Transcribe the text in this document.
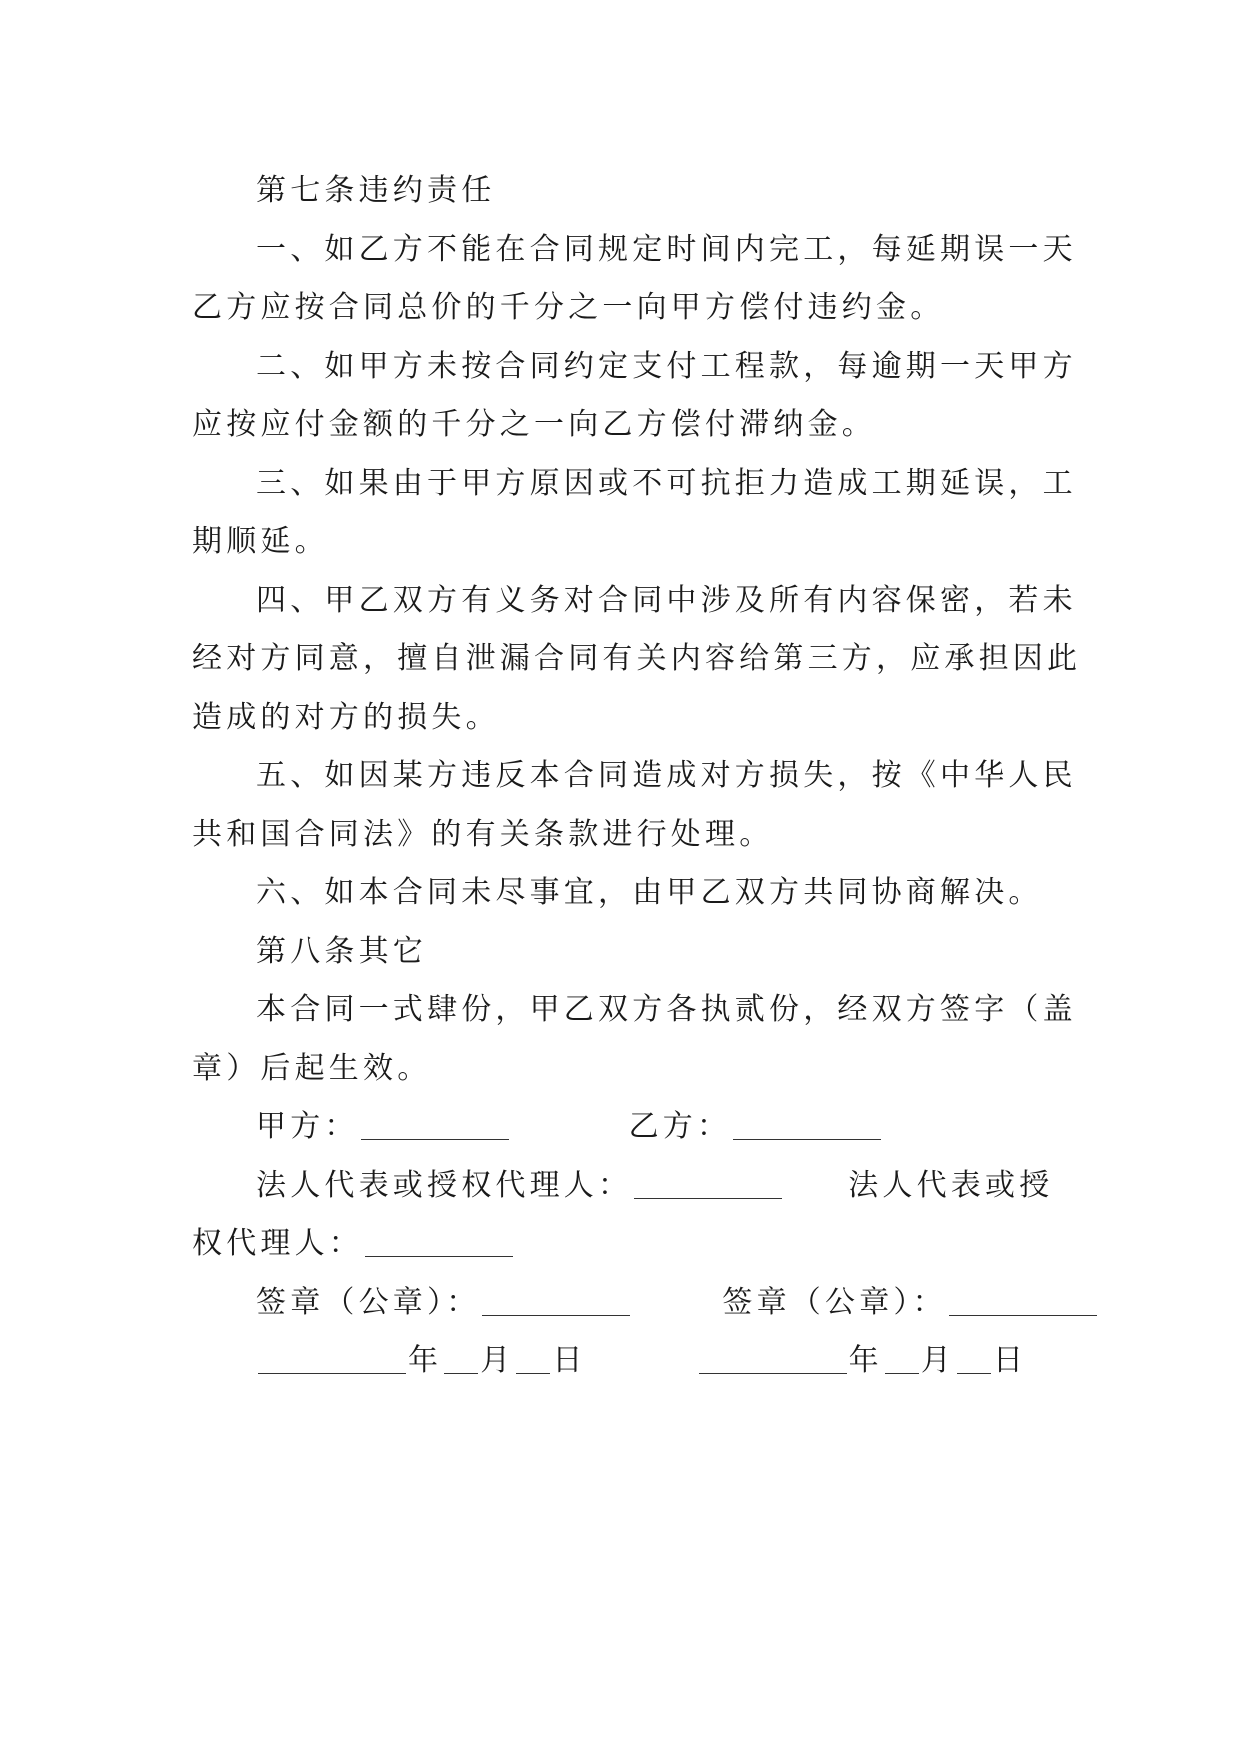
第七条违约责任
一、如乙方不能在合同规定时间内完工，每延期误一天
乙方应按合同总价的千分之一向甲方偿付违约金。
二、如甲方未按合同约定支付工程款，每逾期一天甲方
应按应付金额的千分之一向乙方偿付滞纳金。
三、如果由于甲方原因或不可抗拒力造成工期延误，工
期顺延。
四、甲乙双方有义务对合同中涉及所有内容保密，若未
经对方同意，擅自泄漏合同有关内容给第三方，应承担因此
造成的对方的损失。
五、如因某方违反本合同造成对方损失，按《中华人民
共和国合同法》的有关条款进行处理。
六、如本合同未尽事宜，由甲乙双方共同协商解决。
第八条其它
本合同一式肆份，甲乙双方各执贰份，经双方签字（盖
章）后起生效。
甲方：	乙方：
法人代表或授权代理人：	法人代表或授
权代理人：
签章（公章）：	签章（公章）：
年 月 日	年 月 日
